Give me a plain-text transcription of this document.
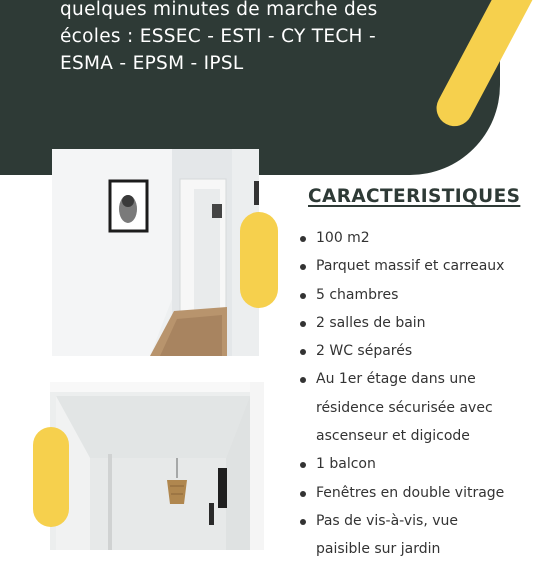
quelques minutes de marche des
écoles : ESSEC - ESTI - CY TECH -
ESMA - EPSM - IPSL
CARACTERISTIQUES
100 m2
Parquet massif et carreaux
5 chambres
2 salles de bain
2 WC séparés
Au 1er étage dans une
résidence sécurisée avec
ascenseur et digicode
1 balcon
Fenêtres en double vitrage
Pas de vis-à-vis, vue
paisible sur jardin
